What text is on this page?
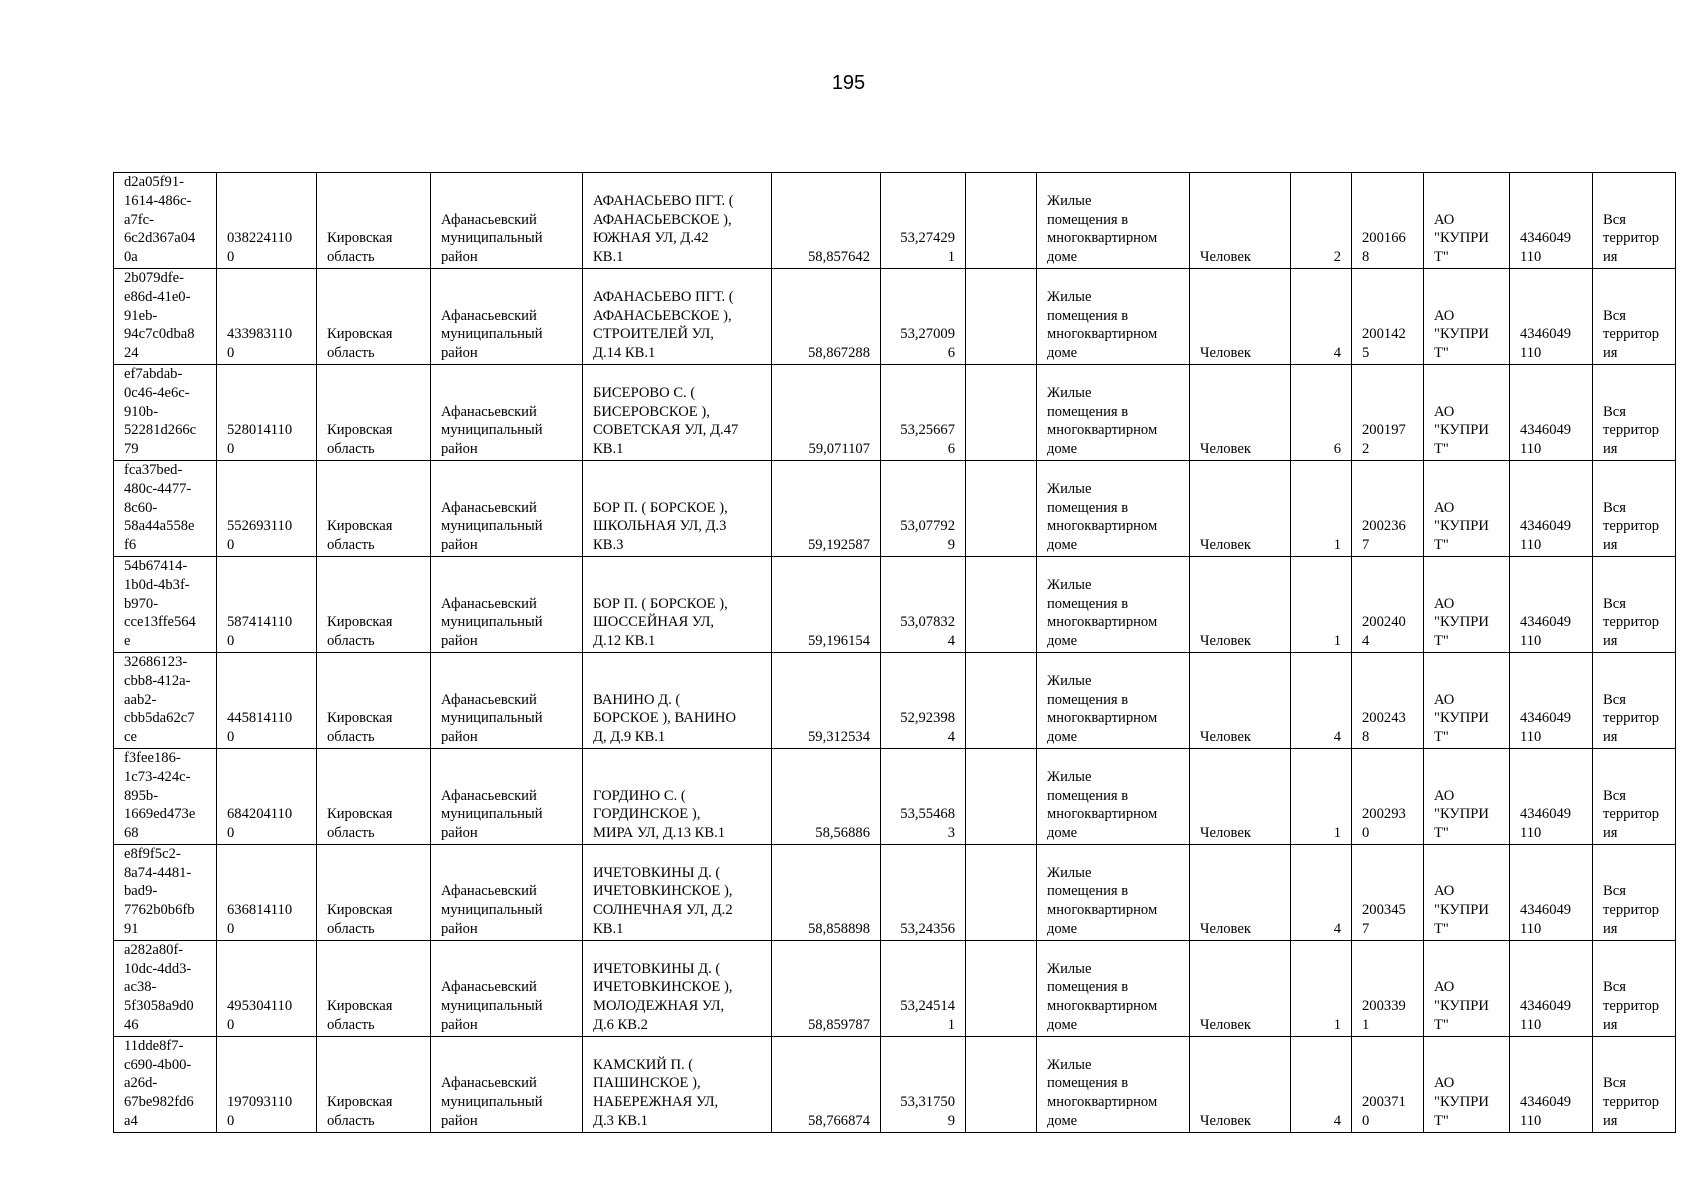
195
d2a05f91-
1614-486c-
a7fc-
6c2d367a04
0a	038224110
0	Кировская
область	Афанасьевский
муниципальный
район	АФАНАСЬЕВО ПГТ. (
АФАНАСЬЕВСКОЕ ),
ЮЖНАЯ УЛ, Д.42
КВ.1	58,857642	53,27429
1		Жилые
помещения в
многоквартирном
доме	Человек	2	200166
8	АО
"КУПРИ
Т"	4346049
110	Вся
территор
ия
2b079dfe-
e86d-41e0-
91eb-
94c7c0dba8
24	433983110
0	Кировская
область	Афанасьевский
муниципальный
район	АФАНАСЬЕВО ПГТ. (
АФАНАСЬЕВСКОЕ ),
СТРОИТЕЛЕЙ УЛ,
Д.14 КВ.1	58,867288	53,27009
6		Жилые
помещения в
многоквартирном
доме	Человек	4	200142
5	АО
"КУПРИ
Т"	4346049
110	Вся
территор
ия
ef7abdab-
0c46-4e6c-
910b-
52281d266c
79	528014110
0	Кировская
область	Афанасьевский
муниципальный
район	БИСЕРОВО С. (
БИСЕРОВСКОЕ ),
СОВЕТСКАЯ УЛ, Д.47
КВ.1	59,071107	53,25667
6		Жилые
помещения в
многоквартирном
доме	Человек	6	200197
2	АО
"КУПРИ
Т"	4346049
110	Вся
территор
ия
fca37bed-
480c-4477-
8c60-
58a44a558e
f6	552693110
0	Кировская
область	Афанасьевский
муниципальный
район	БОР П. ( БОРСКОЕ ),
ШКОЛЬНАЯ УЛ, Д.3
КВ.3	59,192587	53,07792
9		Жилые
помещения в
многоквартирном
доме	Человек	1	200236
7	АО
"КУПРИ
Т"	4346049
110	Вся
территор
ия
54b67414-
1b0d-4b3f-
b970-
cce13ffe564
e	587414110
0	Кировская
область	Афанасьевский
муниципальный
район	БОР П. ( БОРСКОЕ ),
ШОССЕЙНАЯ УЛ,
Д.12 КВ.1	59,196154	53,07832
4		Жилые
помещения в
многоквартирном
доме	Человек	1	200240
4	АО
"КУПРИ
Т"	4346049
110	Вся
территор
ия
32686123-
cbb8-412a-
aab2-
cbb5da62c7
ce	445814110
0	Кировская
область	Афанасьевский
муниципальный
район	ВАНИНО Д. (
БОРСКОЕ ), ВАНИНО
Д, Д.9 КВ.1	59,312534	52,92398
4		Жилые
помещения в
многоквартирном
доме	Человек	4	200243
8	АО
"КУПРИ
Т"	4346049
110	Вся
территор
ия
f3fee186-
1c73-424c-
895b-
1669ed473e
68	684204110
0	Кировская
область	Афанасьевский
муниципальный
район	ГОРДИНО С. (
ГОРДИНСКОЕ ),
МИРА УЛ, Д.13 КВ.1	58,56886	53,55468
3		Жилые
помещения в
многоквартирном
доме	Человек	1	200293
0	АО
"КУПРИ
Т"	4346049
110	Вся
территор
ия
e8f9f5c2-
8a74-4481-
bad9-
7762b0b6fb
91	636814110
0	Кировская
область	Афанасьевский
муниципальный
район	ИЧЕТОВКИНЫ Д. (
ИЧЕТОВКИНСКОЕ ),
СОЛНЕЧНАЯ УЛ, Д.2
КВ.1	58,858898	53,24356		Жилые
помещения в
многоквартирном
доме	Человек	4	200345
7	АО
"КУПРИ
Т"	4346049
110	Вся
территор
ия
a282a80f-
10dc-4dd3-
ac38-
5f3058a9d0
46	495304110
0	Кировская
область	Афанасьевский
муниципальный
район	ИЧЕТОВКИНЫ Д. (
ИЧЕТОВКИНСКОЕ ),
МОЛОДЕЖНАЯ УЛ,
Д.6 КВ.2	58,859787	53,24514
1		Жилые
помещения в
многоквартирном
доме	Человек	1	200339
1	АО
"КУПРИ
Т"	4346049
110	Вся
территор
ия
11dde8f7-
c690-4b00-
a26d-
67be982fd6
a4	197093110
0	Кировская
область	Афанасьевский
муниципальный
район	КАМСКИЙ П. (
ПАШИНСКОЕ ),
НАБЕРЕЖНАЯ УЛ,
Д.3 КВ.1	58,766874	53,31750
9		Жилые
помещения в
многоквартирном
доме	Человек	4	200371
0	АО
"КУПРИ
Т"	4346049
110	Вся
территор
ия
